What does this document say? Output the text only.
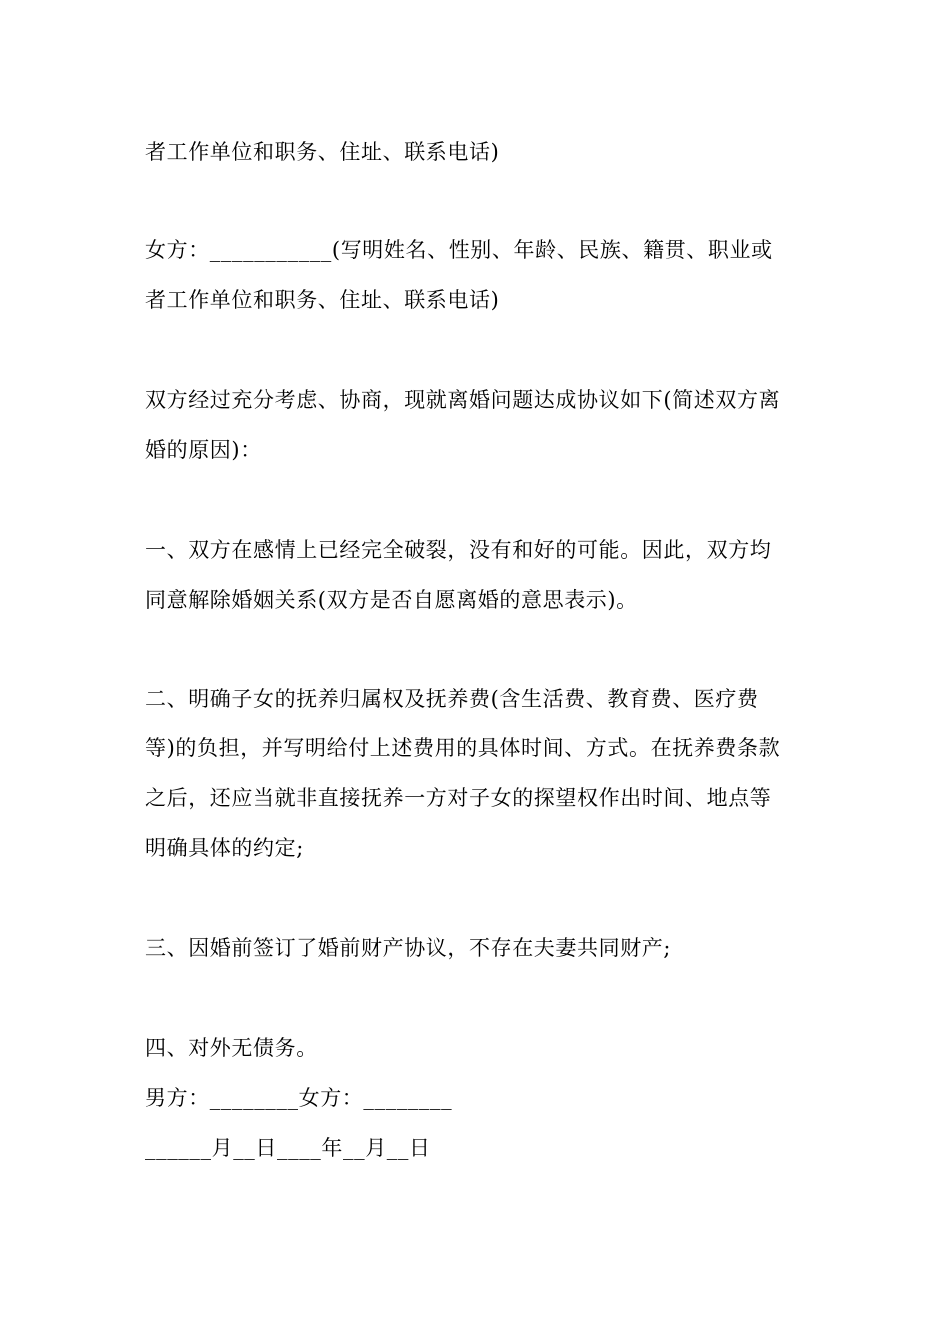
者工作单位和职务、住址、联系电话)
女方：___________(写明姓名、性别、年龄、民族、籍贯、职业或
者工作单位和职务、住址、联系电话)
双方经过充分考虑、协商，现就离婚问题达成协议如下(简述双方离
婚的原因)：
一、双方在感情上已经完全破裂，没有和好的可能。因此，双方均
同意解除婚姻关系(双方是否自愿离婚的意思表示)。
二、明确子女的抚养归属权及抚养费(含生活费、教育费、医疗费
等)的负担，并写明给付上述费用的具体时间、方式。在抚养费条款
之后，还应当就非直接抚养一方对子女的探望权作出时间、地点等
明确具体的约定;
三、因婚前签订了婚前财产协议，不存在夫妻共同财产;
四、对外无债务。
男方：________女方：________
______月__日____年__月__日
